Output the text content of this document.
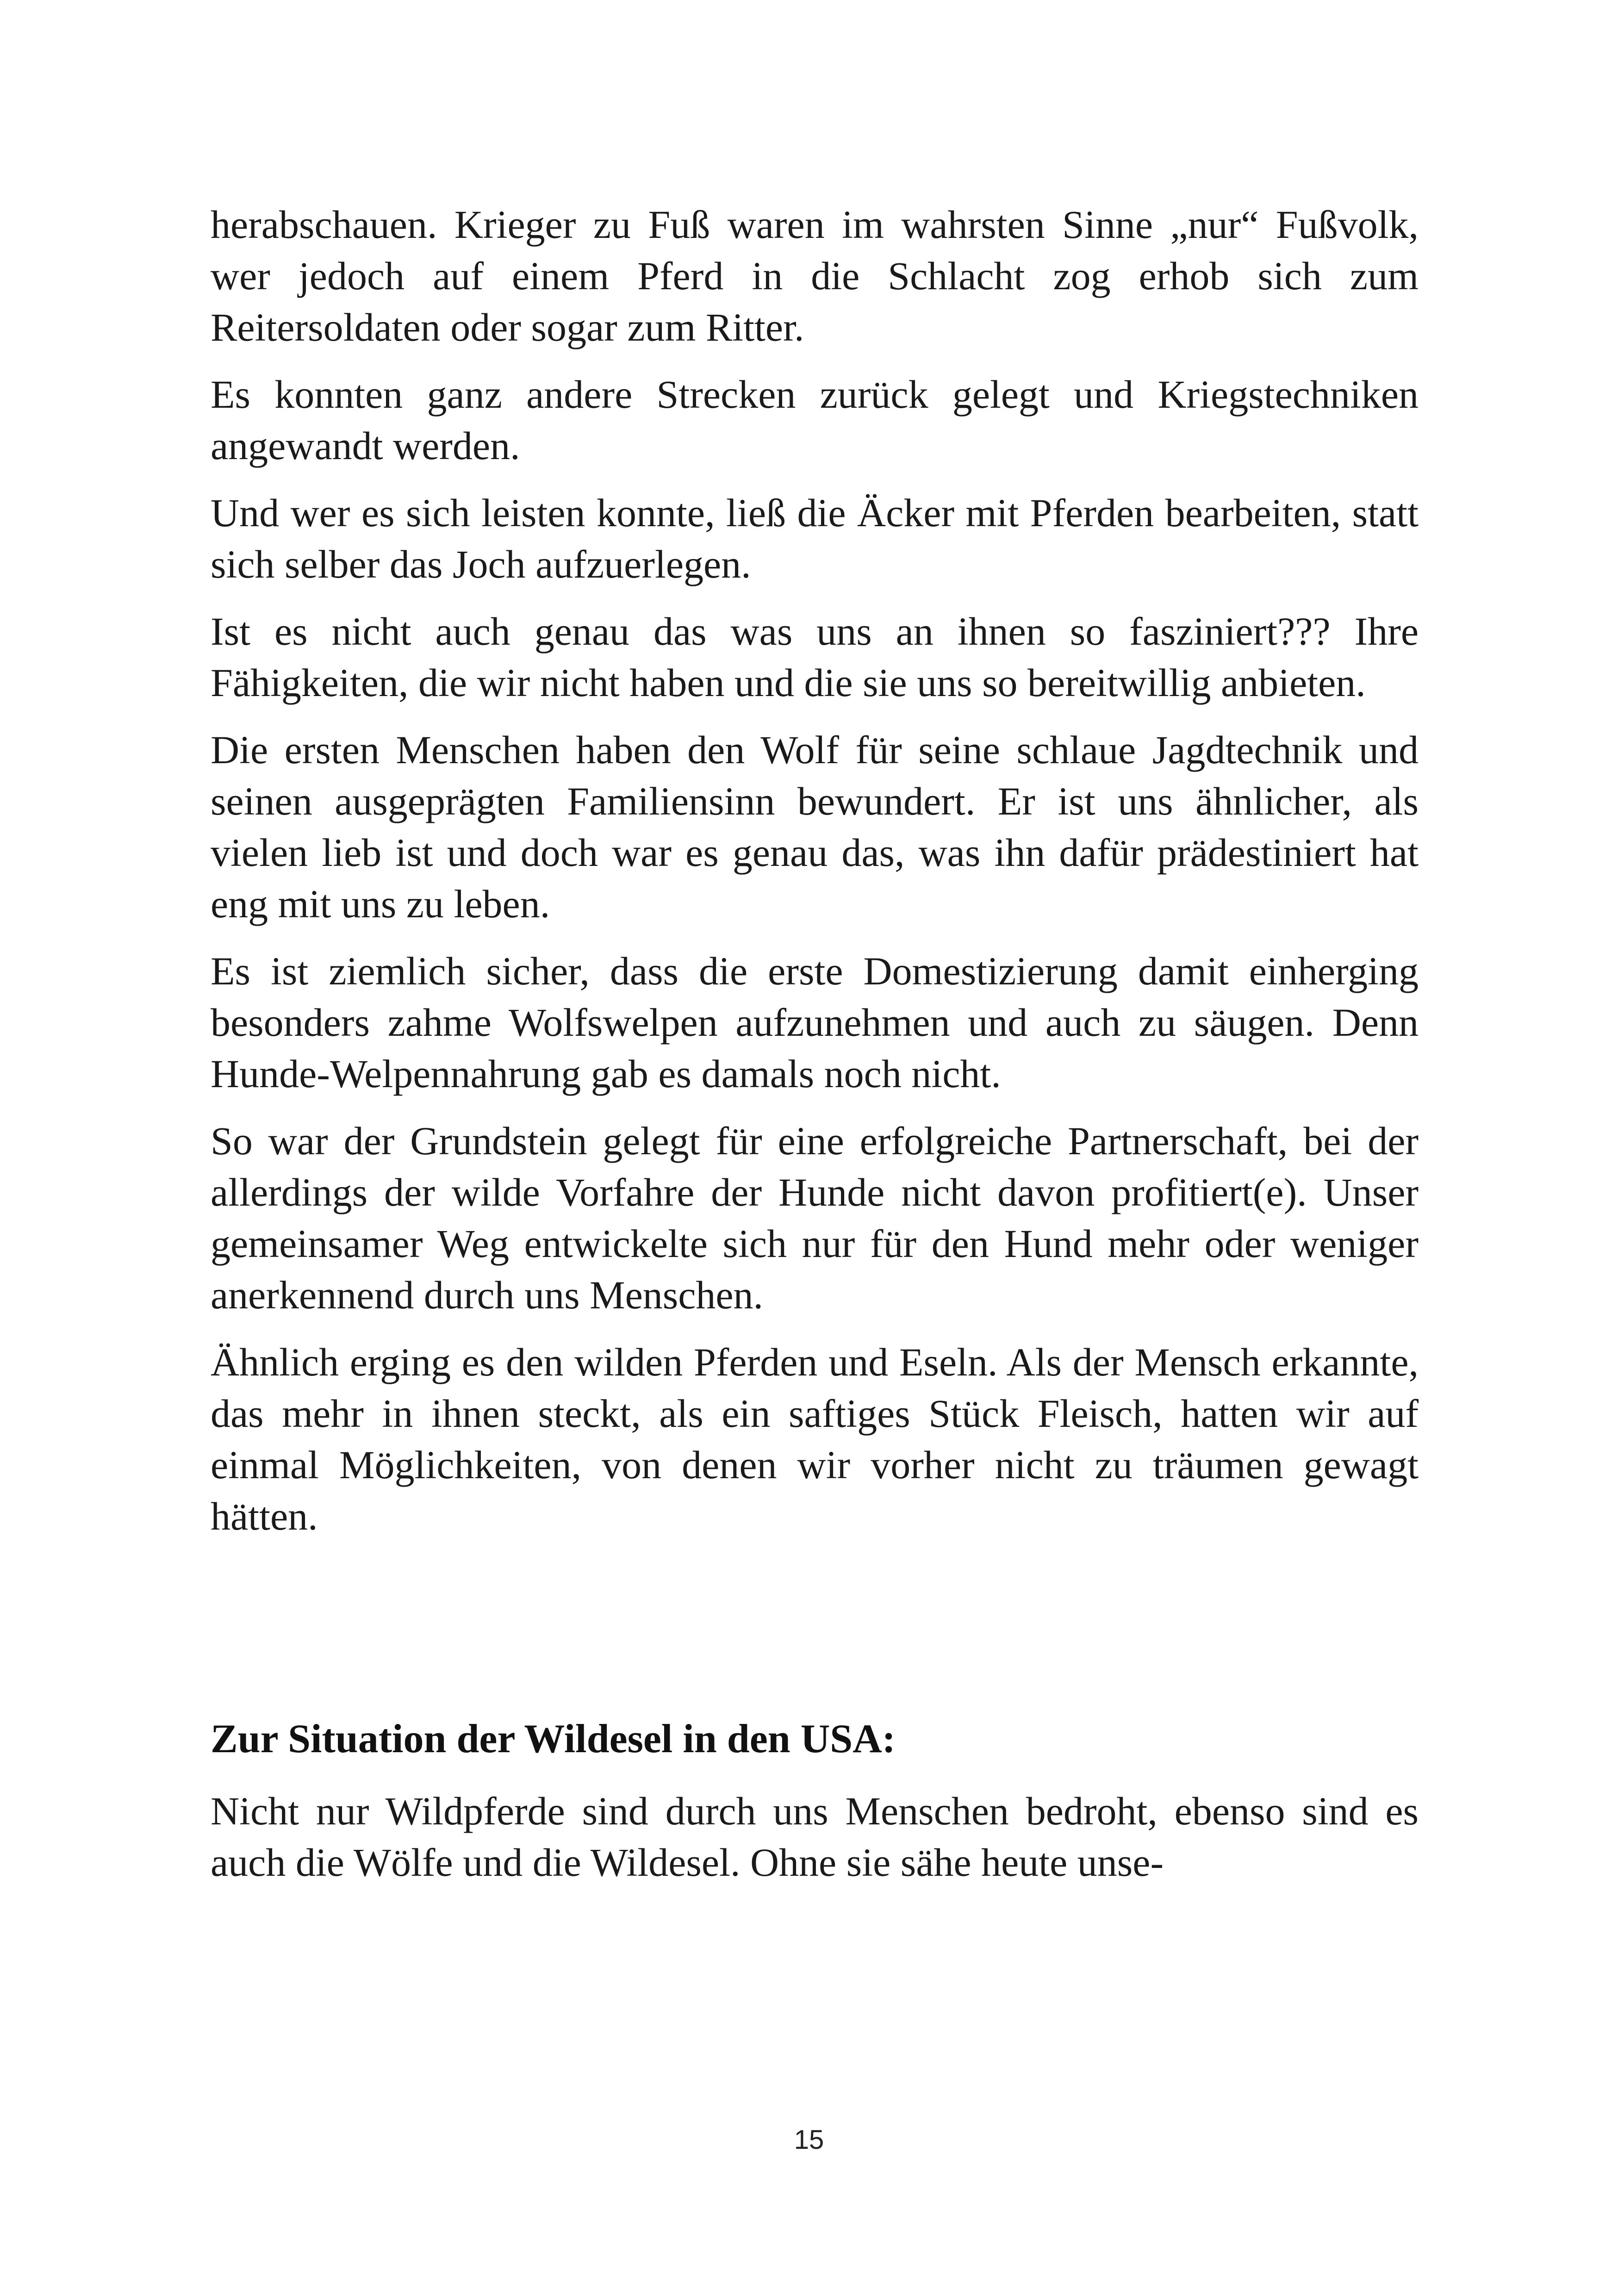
herabschauen. Krieger zu Fuß waren im wahrsten Sinne „nur“ Fußvolk, wer jedoch auf einem Pferd in die Schlacht zog erhob sich zum Reitersoldaten oder sogar zum Ritter.

Es konnten ganz andere Strecken zurück gelegt und Kriegstechniken angewandt werden.

Und wer es sich leisten konnte, ließ die Äcker mit Pferden bearbeiten, statt sich selber das Joch aufzuerlegen.

Ist es nicht auch genau das was uns an ihnen so fasziniert??? Ihre Fähigkeiten, die wir nicht haben und die sie uns so bereitwillig anbieten.

Die ersten Menschen haben den Wolf für seine schlaue Jagdtechnik und seinen ausgeprägten Familiensinn bewundert. Er ist uns ähnlicher, als vielen lieb ist und doch war es genau das, was ihn dafür prädestiniert hat eng mit uns zu leben.

Es ist ziemlich sicher, dass die erste Domestizierung damit einherging besonders zahme Wolfswelpen aufzunehmen und auch zu säugen. Denn Hunde-Welpennahrung gab es damals noch nicht.

So war der Grundstein gelegt für eine erfolgreiche Partnerschaft, bei der allerdings der wilde Vorfahre der Hunde nicht davon profitiert(e). Unser gemeinsamer Weg entwickelte sich nur für den Hund mehr oder weniger anerkennend durch uns Menschen.

Ähnlich erging es den wilden Pferden und Eseln. Als der Mensch erkannte, das mehr in ihnen steckt, als ein saftiges Stück Fleisch, hatten wir auf einmal Möglichkeiten, von denen wir vorher nicht zu träumen gewagt hätten.

Zur Situation der Wildesel in den USA:

Nicht nur Wildpferde sind durch uns Menschen bedroht, ebenso sind es auch die Wölfe und die Wildesel. Ohne sie sähe heute unse-

15
